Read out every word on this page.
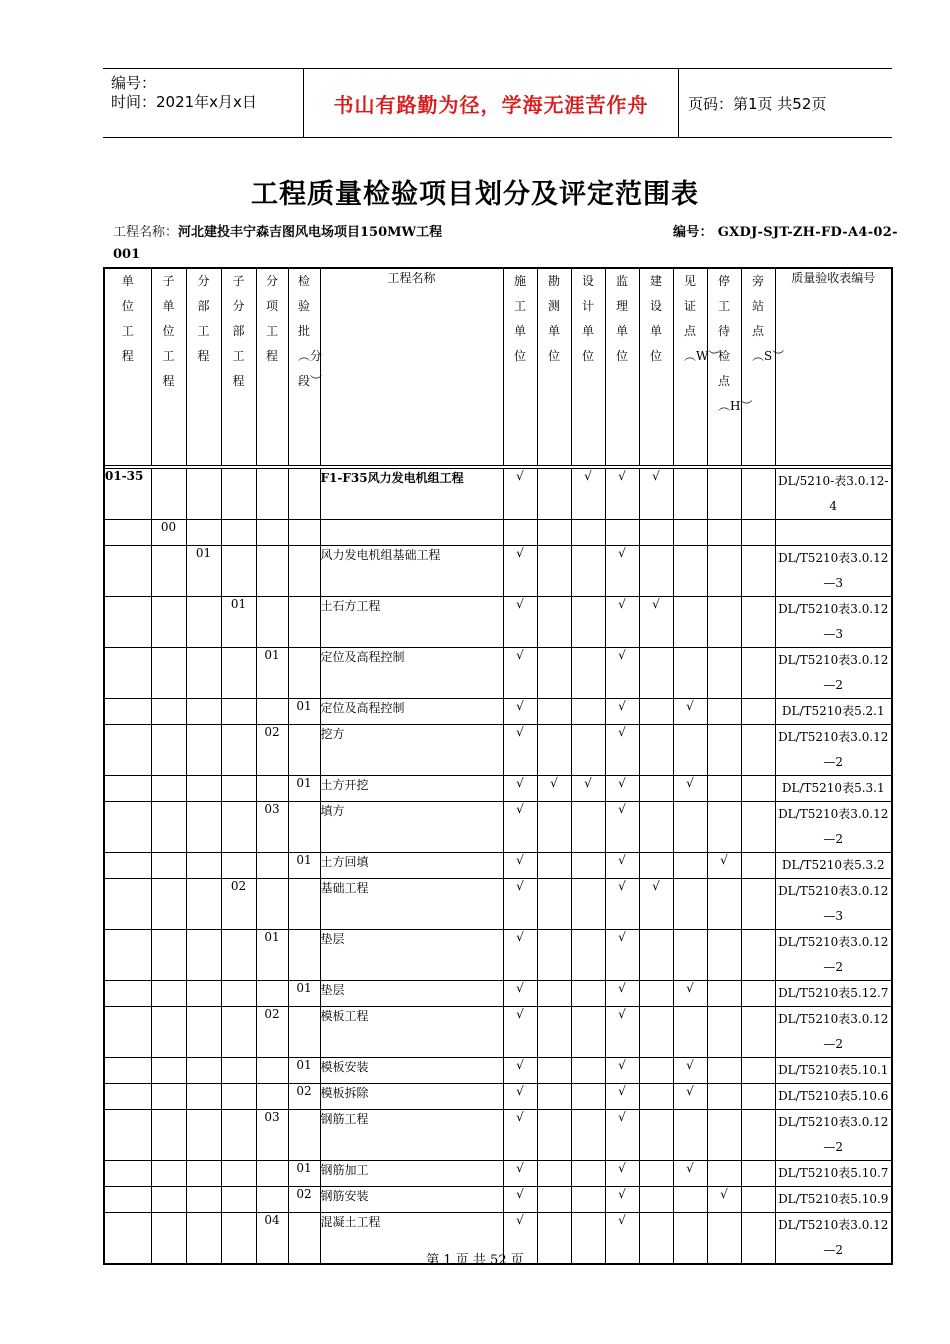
编号：
时间：2021年x月x日	书山有路勤为径，学海无涯苦作舟	页码：第1页 共52页
工程质量检验项目划分及评定范围表
工程名称：河北建投丰宁森吉图风电场项目150MW工程	编号： GXDJ-SJT-ZH-FD-A4-02-
001
单位工程	子单位工程	分部工程	子分部工程	分项工程	检验批︵分段︶	工程名称	施工单位	勘测单位	设计单位	监理单位	建设单位	见证点︵W︶	停工待检点︵H︶	旁站点︵S︶	质量验收表编号

01-35						F1-F35风力发电机组工程	√		√	√	√				DL/5210-表3.0.12-4
	00														
		01				风力发电机组基础工程	√			√					DL/T5210表3.0.12—3
			01			土石方工程	√			√	√				DL/T5210表3.0.12—3
				01		定位及高程控制	√			√					DL/T5210表3.0.12—2
					01	定位及高程控制	√			√		√			DL/T5210表5.2.1
				02		挖方	√			√					DL/T5210表3.0.12—2
					01	土方开挖	√	√	√	√		√			DL/T5210表5.3.1
				03		填方	√			√					DL/T5210表3.0.12—2
					01	土方回填	√			√			√		DL/T5210表5.3.2
			02			基础工程	√			√	√				DL/T5210表3.0.12—3
				01		垫层	√			√					DL/T5210表3.0.12—2
					01	垫层	√			√		√			DL/T5210表5.12.7
				02		模板工程	√			√					DL/T5210表3.0.12—2
					01	模板安装	√			√		√			DL/T5210表5.10.1
					02	模板拆除	√			√		√			DL/T5210表5.10.6
				03		钢筋工程	√			√					DL/T5210表3.0.12—2
					01	钢筋加工	√			√		√			DL/T5210表5.10.7
					02	钢筋安装	√			√			√		DL/T5210表5.10.9
				04		混凝土工程	√			√					DL/T5210表3.0.12—2
第 1 页 共 52 页
